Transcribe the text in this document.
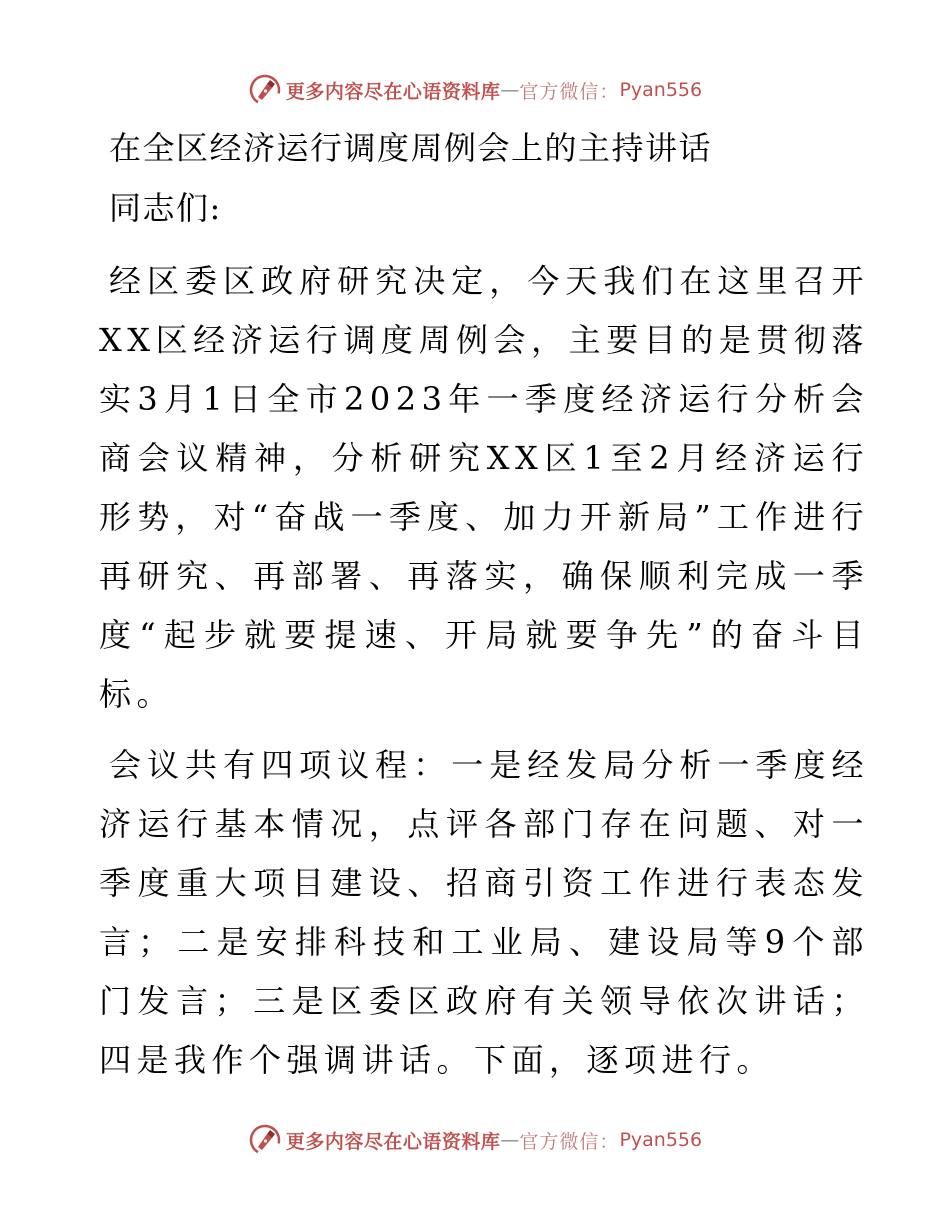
更多内容尽在心语资料库 — 官方微信： Pyan556
在全区经济运行调度周例会上的主持讲话

同志们:

经区委区政府研究决定，今天我们在这里召开XX区经济运行调度周例会，主要目的是贯彻落实3月1日全市2023年一季度经济运行分析会商会议精神，分析研究XX区1至2月经济运行形势，对“奋战一季度、加力开新局”工作进行再研究、再部署、再落实，确保顺利完成一季度“起步就要提速、开局就要争先”的奋斗目标。

会议共有四项议程：一是经发局分析一季度经济运行基本情况，点评各部门存在问题、对一季度重大项目建设、招商引资工作进行表态发言；二是安排科技和工业局、建设局等9个部门发言；三是区委区政府有关领导依次讲话；四是我作个强调讲话。下面，逐项进行。

更多内容尽在心语资料库 — 官方微信： Pyan556
